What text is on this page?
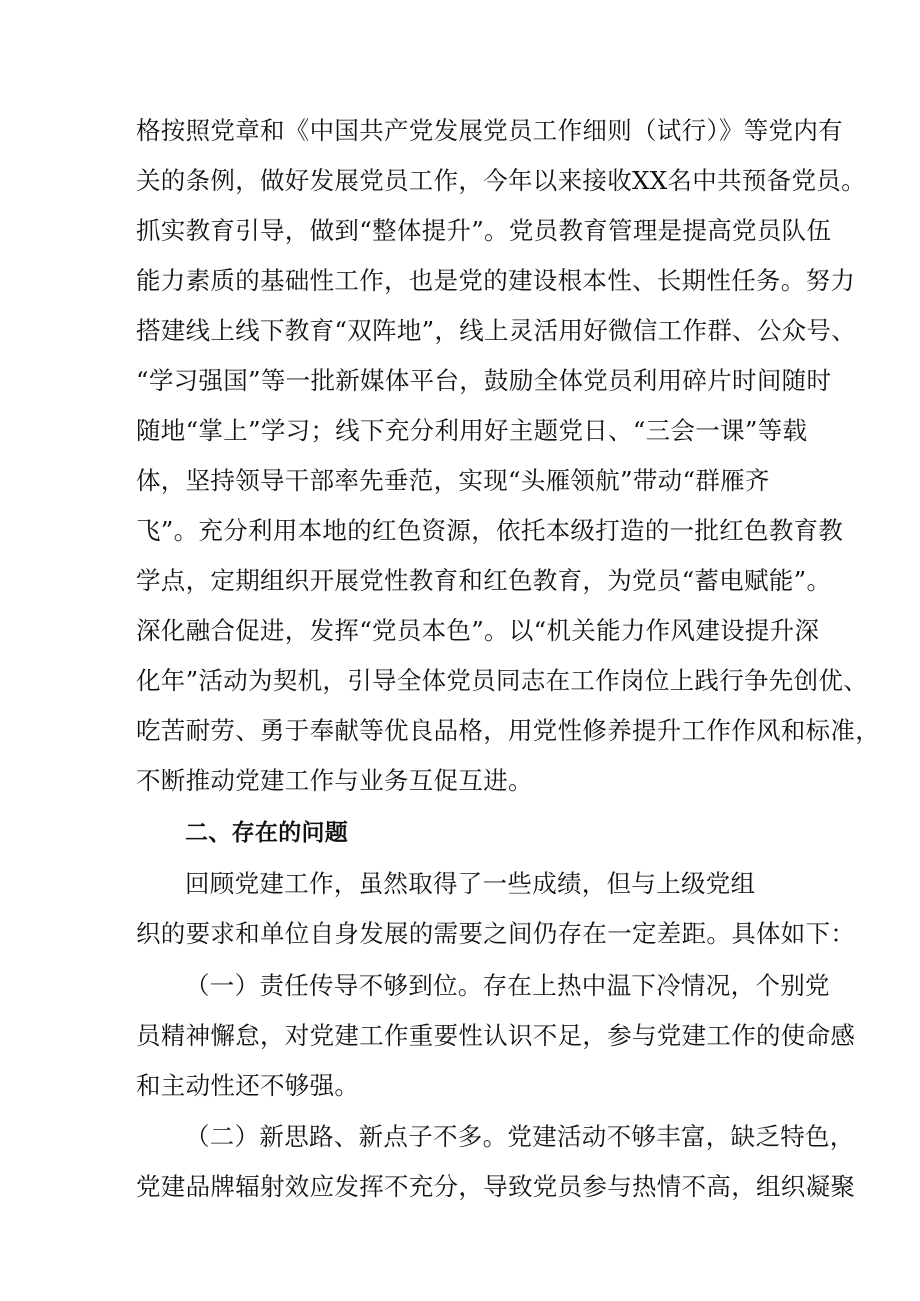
格按照党章和《中国共产党发展党员工作细则（试行）》等党内有
关的条例，做好发展党员工作，今年以来接收XX名中共预备党员。
抓实教育引导，做到“整体提升”。党员教育管理是提高党员队伍
能力素质的基础性工作，也是党的建设根本性、长期性任务。努力
搭建线上线下教育“双阵地”，线上灵活用好微信工作群、公众号、
“学习强国”等一批新媒体平台，鼓励全体党员利用碎片时间随时
随地“掌上”学习；线下充分利用好主题党日、“三会一课”等载
体，坚持领导干部率先垂范，实现“头雁领航”带动“群雁齐
飞”。充分利用本地的红色资源，依托本级打造的一批红色教育教
学点，定期组织开展党性教育和红色教育，为党员“蓄电赋能”。
深化融合促进，发挥“党员本色”。以“机关能力作风建设提升深
化年”活动为契机，引导全体党员同志在工作岗位上践行争先创优、
吃苦耐劳、勇于奉献等优良品格，用党性修养提升工作作风和标准，
不断推动党建工作与业务互促互进。
二、存在的问题
回顾党建工作，虽然取得了一些成绩，但与上级党组
织的要求和单位自身发展的需要之间仍存在一定差距。具体如下：
（一）责任传导不够到位。存在上热中温下冷情况，个别党
员精神懈怠，对党建工作重要性认识不足，参与党建工作的使命感
和主动性还不够强。
（二）新思路、新点子不多。党建活动不够丰富，缺乏特色，
党建品牌辐射效应发挥不充分，导致党员参与热情不高，组织凝聚
